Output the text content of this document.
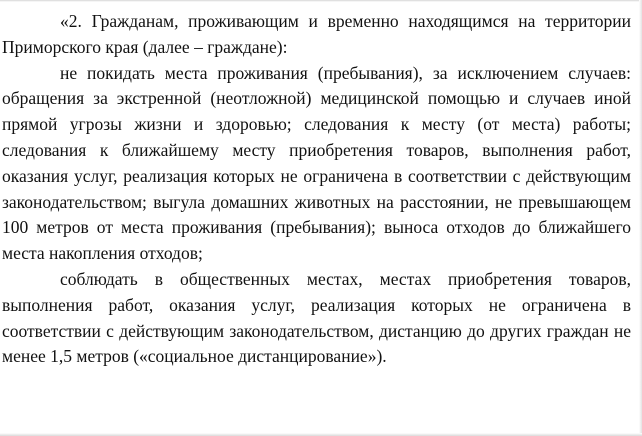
«2. Гражданам, проживающим и временно находящимся на территории Приморского края (далее – граждане):

не покидать места проживания (пребывания), за исключением случаев: обращения за экстренной (неотложной) медицинской помощью и случаев иной прямой угрозы жизни и здоровью; следования к месту (от места) работы; следования к ближайшему месту приобретения товаров, выполнения работ, оказания услуг, реализация которых не ограничена в соответствии с действующим законодательством; выгула домашних животных на расстоянии, не превышающем 100 метров от места проживания (пребывания); выноса отходов до ближайшего места накопления отходов;

соблюдать в общественных местах, местах приобретения товаров, выполнения работ, оказания услуг, реализация которых не ограничена в соответствии с действующим законодательством, дистанцию до других граждан не менее 1,5 метров («социальное дистанцирование»).
